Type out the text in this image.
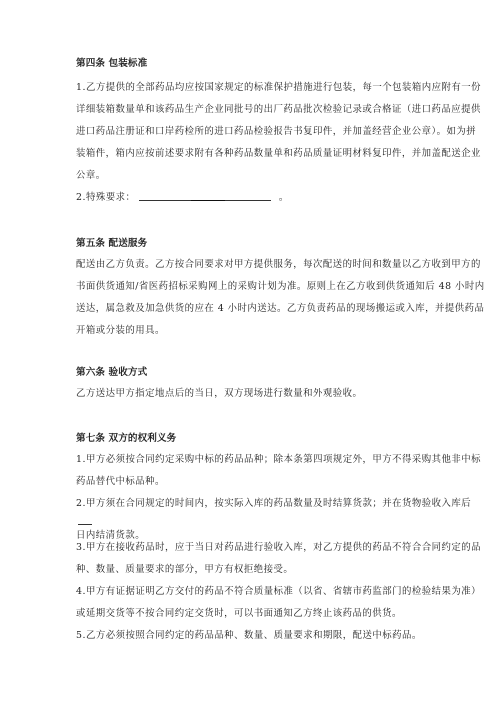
第四条 包装标准
1.乙方提供的全部药品均应按国家规定的标准保护措施进行包装，每一个包装箱内应附有一份
详细装箱数量单和该药品生产企业同批号的出厂药品批次检验记录或合格证（进口药品应提供
进口药品注册证和口岸药检所的进口药品检验报告书复印件，并加盖经营企业公章）。如为拼
装箱件，箱内应按前述要求附有各种药品数量单和药品质量证明材料复印件，并加盖配送企业
公章。
2.特殊要求：	。
第五条 配送服务
配送由乙方负责。乙方按合同要求对甲方提供服务，每次配送的时间和数量以乙方收到甲方的
书面供货通知/省医药招标采购网上的采购计划为准。原则上在乙方收到供货通知后 48 小时内
送达，属急救及加急供货的应在 4 小时内送达。乙方负责药品的现场搬运或入库，并提供药品
开箱或分装的用具。
第六条 验收方式
乙方送达甲方指定地点后的当日，双方现场进行数量和外观验收。
第七条 双方的权利义务
1.甲方必须按合同约定采购中标的药品品种；除本条第四项规定外，甲方不得采购其他非中标
药品替代中标品种。
2.甲方须在合同规定的时间内，按实际入库的药品数量及时结算货款；并在货物验收入库后
日内结清货款。
3.甲方在接收药品时，应于当日对药品进行验收入库，对乙方提供的药品不符合合同约定的品
种、数量、质量要求的部分，甲方有权拒绝接受。
4.甲方有证据证明乙方交付的药品不符合质量标准（以省、省辖市药监部门的检验结果为准）
或延期交货等不按合同约定交货时，可以书面通知乙方终止该药品的供货。
5.乙方必须按照合同约定的药品品种、数量、质量要求和期限，配送中标药品。
